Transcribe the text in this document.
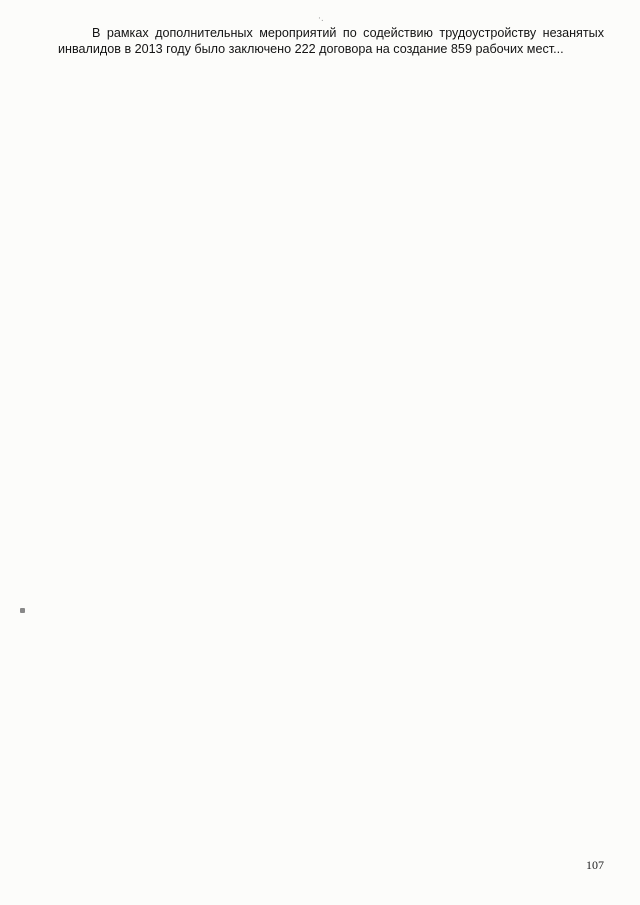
·.

В рамках дополнительных мероприятий по содействию трудоустройству незанятых инвалидов в 2013 году было заключено 222 договора на создание 859 рабочих мест...

107
